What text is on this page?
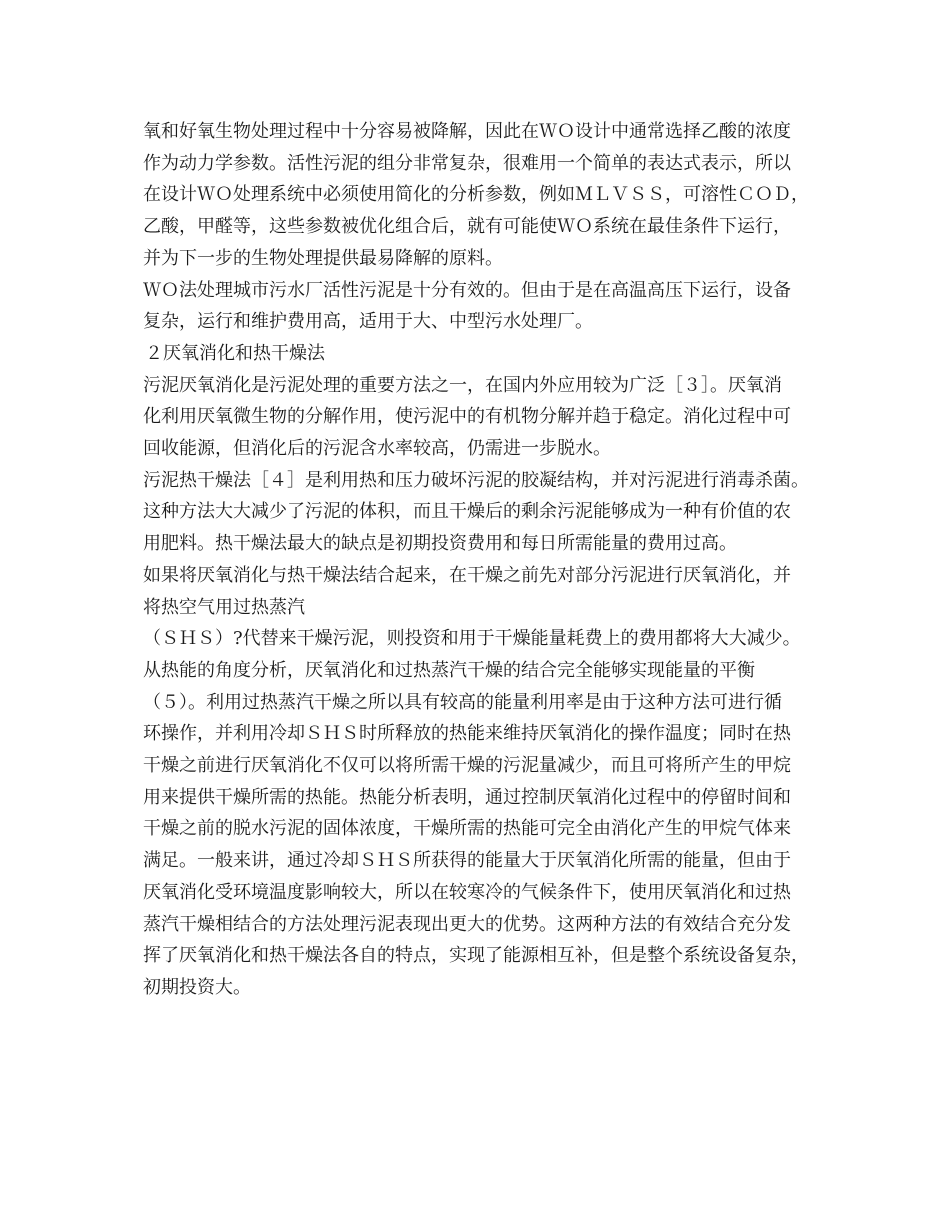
氧和好氧生物处理过程中十分容易被降解，因此在ＷＯ设计中通常选择乙酸的浓度
作为动力学参数。活性污泥的组分非常复杂，很难用一个简单的表达式表示，所以
在设计ＷＯ处理系统中必须使用简化的分析参数，例如ＭＬＶＳＳ，可溶性ＣＯＤ，
乙酸，甲醛等，这些参数被优化组合后，就有可能使ＷＯ系统在最佳条件下运行，
并为下一步的生物处理提供最易降解的原料。

ＷＯ法处理城市污水厂活性污泥是十分有效的。但由于是在高温高压下运行，设备
复杂，运行和维护费用高，适用于大、中型污水处理厂。

２厌氧消化和热干燥法

污泥厌氧消化是污泥处理的重要方法之一，在国内外应用较为广泛［３］。厌氧消
化利用厌氧微生物的分解作用，使污泥中的有机物分解并趋于稳定。消化过程中可
回收能源，但消化后的污泥含水率较高，仍需进一步脱水。

污泥热干燥法［４］是利用热和压力破坏污泥的胶凝结构，并对污泥进行消毒杀菌。
这种方法大大减少了污泥的体积，而且干燥后的剩余污泥能够成为一种有价值的农
用肥料。热干燥法最大的缺点是初期投资费用和每日所需能量的费用过高。

如果将厌氧消化与热干燥法结合起来，在干燥之前先对部分污泥进行厌氧消化，并
将热空气用过热蒸汽
（ＳＨＳ）?代替来干燥污泥，则投资和用于干燥能量耗费上的费用都将大大减少。
从热能的角度分析，厌氧消化和过热蒸汽干燥的结合完全能够实现能量的平衡
（５）。利用过热蒸汽干燥之所以具有较高的能量利用率是由于这种方法可进行循
环操作，并利用冷却ＳＨＳ时所释放的热能来维持厌氧消化的操作温度；同时在热
干燥之前进行厌氧消化不仅可以将所需干燥的污泥量减少，而且可将所产生的甲烷
用来提供干燥所需的热能。热能分析表明，通过控制厌氧消化过程中的停留时间和
干燥之前的脱水污泥的固体浓度，干燥所需的热能可完全由消化产生的甲烷气体来
满足。一般来讲，通过冷却ＳＨＳ所获得的能量大于厌氧消化所需的能量，但由于
厌氧消化受环境温度影响较大，所以在较寒冷的气候条件下，使用厌氧消化和过热
蒸汽干燥相结合的方法处理污泥表现出更大的优势。这两种方法的有效结合充分发
挥了厌氧消化和热干燥法各自的特点，实现了能源相互补，但是整个系统设备复杂，
初期投资大。
